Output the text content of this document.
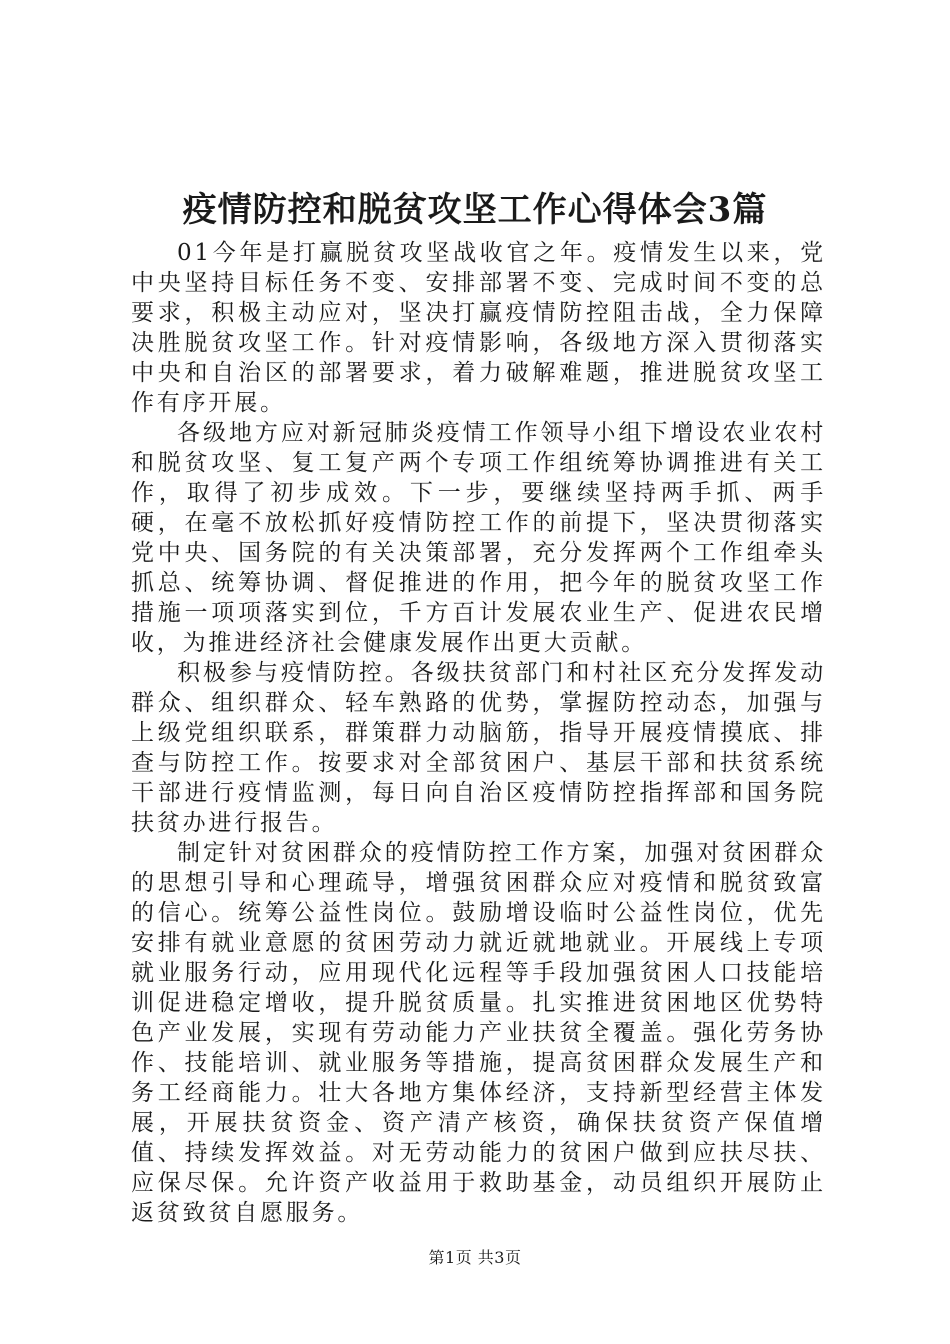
疫情防控和脱贫攻坚工作心得体会3篇

01今年是打赢脱贫攻坚战收官之年。疫情发生以来，党中央坚持目标任务不变、安排部署不变、完成时间不变的总要求，积极主动应对，坚决打赢疫情防控阻击战，全力保障决胜脱贫攻坚工作。针对疫情影响，各级地方深入贯彻落实中央和自治区的部署要求，着力破解难题，推进脱贫攻坚工作有序开展。

各级地方应对新冠肺炎疫情工作领导小组下增设农业农村和脱贫攻坚、复工复产两个专项工作组统筹协调推进有关工作，取得了初步成效。下一步，要继续坚持两手抓、两手硬，在毫不放松抓好疫情防控工作的前提下，坚决贯彻落实党中央、国务院的有关决策部署，充分发挥两个工作组牵头抓总、统筹协调、督促推进的作用，把今年的脱贫攻坚工作措施一项项落实到位，千方百计发展农业生产、促进农民增收，为推进经济社会健康发展作出更大贡献。

积极参与疫情防控。各级扶贫部门和村社区充分发挥发动群众、组织群众、轻车熟路的优势，掌握防控动态，加强与上级党组织联系，群策群力动脑筋，指导开展疫情摸底、排查与防控工作。按要求对全部贫困户、基层干部和扶贫系统干部进行疫情监测，每日向自治区疫情防控指挥部和国务院扶贫办进行报告。

制定针对贫困群众的疫情防控工作方案，加强对贫困群众的思想引导和心理疏导，增强贫困群众应对疫情和脱贫致富的信心。统筹公益性岗位。鼓励增设临时公益性岗位，优先安排有就业意愿的贫困劳动力就近就地就业。开展线上专项就业服务行动，应用现代化远程等手段加强贫困人口技能培训促进稳定增收，提升脱贫质量。扎实推进贫困地区优势特色产业发展，实现有劳动能力产业扶贫全覆盖。强化劳务协作、技能培训、就业服务等措施，提高贫困群众发展生产和务工经商能力。壮大各地方集体经济，支持新型经营主体发展，开展扶贫资金、资产清产核资，确保扶贫资产保值增值、持续发挥效益。对无劳动能力的贫困户做到应扶尽扶、应保尽保。允许资产收益用于救助基金，动员组织开展防止返贫致贫自愿服务。

第1页 共3页
